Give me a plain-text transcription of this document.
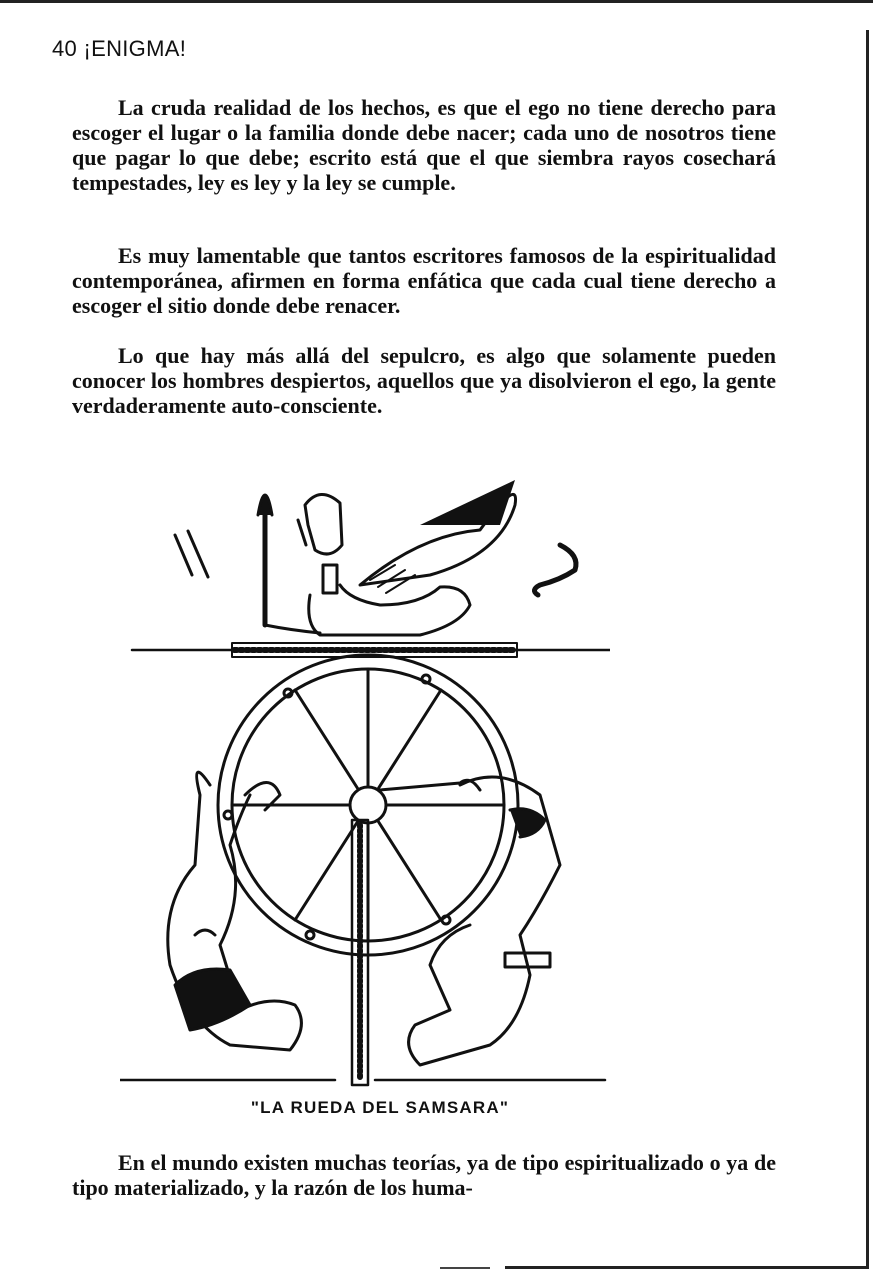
40 ¡ENIGMA!

La cruda realidad de los hechos, es que el ego no tiene derecho para escoger el lugar o la familia donde debe nacer; cada uno de nosotros tiene que pagar lo que debe; escrito está que el que siembra rayos cosechará tempestades, ley es ley y la ley se cumple.

Es muy lamentable que tantos escritores famosos de la espiritualidad contemporánea, afirmen en forma enfática que cada cual tiene derecho a escoger el sitio donde debe renacer.

Lo que hay más allá del sepulcro, es algo que solamente pueden conocer los hombres despiertos, aquellos que ya disolvieron el ego, la gente verdaderamente auto-consciente.

"LA RUEDA DEL SAMSARA"

En el mundo existen muchas teorías, ya de tipo espiritualizado o ya de tipo materializado, y la razón de los huma-
